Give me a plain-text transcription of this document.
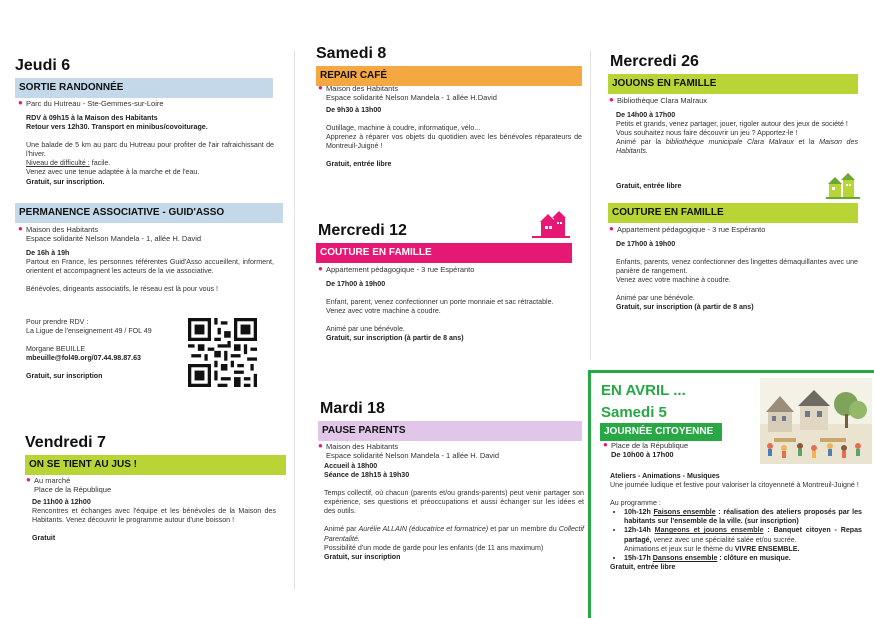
Jeudi 6
SORTIE RANDONNÉE
● Parc du Hutreau - Ste-Gemmes-sur-Loire

RDV à 09h15 à la Maison des Habitants

Retour vers 12h30. Transport en minibus/covoiturage.

Une balade de 5 km au parc du Hutreau pour profiter de l'air rafraichissant de l'hiver.

Niveau de difficulté : facile.

Venez avec une tenue adaptée à la marche et de l'eau.

Gratuit, sur inscription.

PERMANENCE ASSOCIATIVE - GUID'ASSO
● Maison des Habitants

Espace solidarité Nelson Mandela - 1, allée H. David

De 16h à 19h

Partout en France, les personnes référentes Guid'Asso accueillent, informent, orientent et accompagnent les acteurs de la vie associative.

Bénévoles, dirigeants associatifs, le réseau est là pour vous !

Pour prendre RDV :

La Ligue de l'enseignement 49 / FOL 49

Morgane BEUILLE

mbeuille@fol49.org/07.44.98.87.63

Gratuit, sur inscription

Vendredi 7
ON SE TIENT AU JUS !
● Au marché

Place de la République

De 11h00 à 12h00

Rencontres et échanges avec l'équipe et les bénévoles de la Maison des Habitants. Venez découvrir le programme autour d'une boisson !

Gratuit

Samedi 8
REPAIR CAFÉ
● Maison des Habitants

Espace solidarité Nelson Mandela - 1 allée H.David

De 9h30 à 13h00

Outillage, machine à coudre, informatique, vélo...

Apprenez à réparer vos objets du quotidien avec les bénévoles réparateurs de Montreuil-Juigné !

Gratuit, entrée libre

Mercredi 12
COUTURE EN FAMILLE
● Appartement pédagogique - 3 rue Espéranto

De 17h00 à 19h00

Enfant, parent, venez confectionner un porte monnaie et sac rétractable.

Venez avec votre machine à coudre.

Animé par une bénévole.

Gratuit, sur inscription (à partir de 8 ans)

Mardi 18
PAUSE PARENTS
● Maison des Habitants

Espace solidarité Nelson Mandela - 1 allée H. David

Accueil à 18h00

Séance de 18h15 à 19h30

Temps collectif, où chacun (parents et/ou grands-parents) peut venir partager son expérience, ses questions et préoccupations et aussi échanger sur les idées et des outils.

Animé par Aurélie ALLAIN (éducatrice et formatrice) et par un membre du Collectif Parentalité.

Possibilité d'un mode de garde pour les enfants (de 11 ans maximum)

Gratuit, sur inscription

Mercredi 26
JOUONS EN FAMILLE
● Bibliothèque Clara Malraux

De 14h00 à 17h00

Petits et grands, venez partager, jouer, rigoler autour des jeux de société !

Vous souhaitez nous faire découvrir un jeu ? Apportez-le !

Animé par la bibliothèque municipale Clara Malraux et la Maison des Habitants.

Gratuit, entrée libre
COUTURE EN FAMILLE
● Appartement pédagogique - 3 rue Espéranto

De 17h00 à 19h00

Enfants, parents, venez confectionner des lingettes démaquillantes avec une panière de rangement.

Venez avec votre machine à coudre.

Animé par une bénévole.

Gratuit, sur inscription (à partir de 8 ans)

EN AVRIL ...
Samedi 5
JOURNÉE CITOYENNE
● Place de la République

De 10h00 à 17h00

Ateliers - Animations - Musiques

Une journée ludique et festive pour valoriser la citoyenneté à Montreuil-Juigné !

Au programme :

• 10h-12h Faisons ensemble : réalisation des ateliers proposés par les habitants sur l'ensemble de la ville. (sur inscription)
• 12h-14h Mangeons et jouons ensemble : Banquet citoyen - Repas partagé, venez avec une spécialité salée et/ou sucrée.
Animations et jeux sur le thème du VIVRE ENSEMBLE.
• 15h-17h Dansons ensemble : clôture en musique.

Gratuit, entrée libre
